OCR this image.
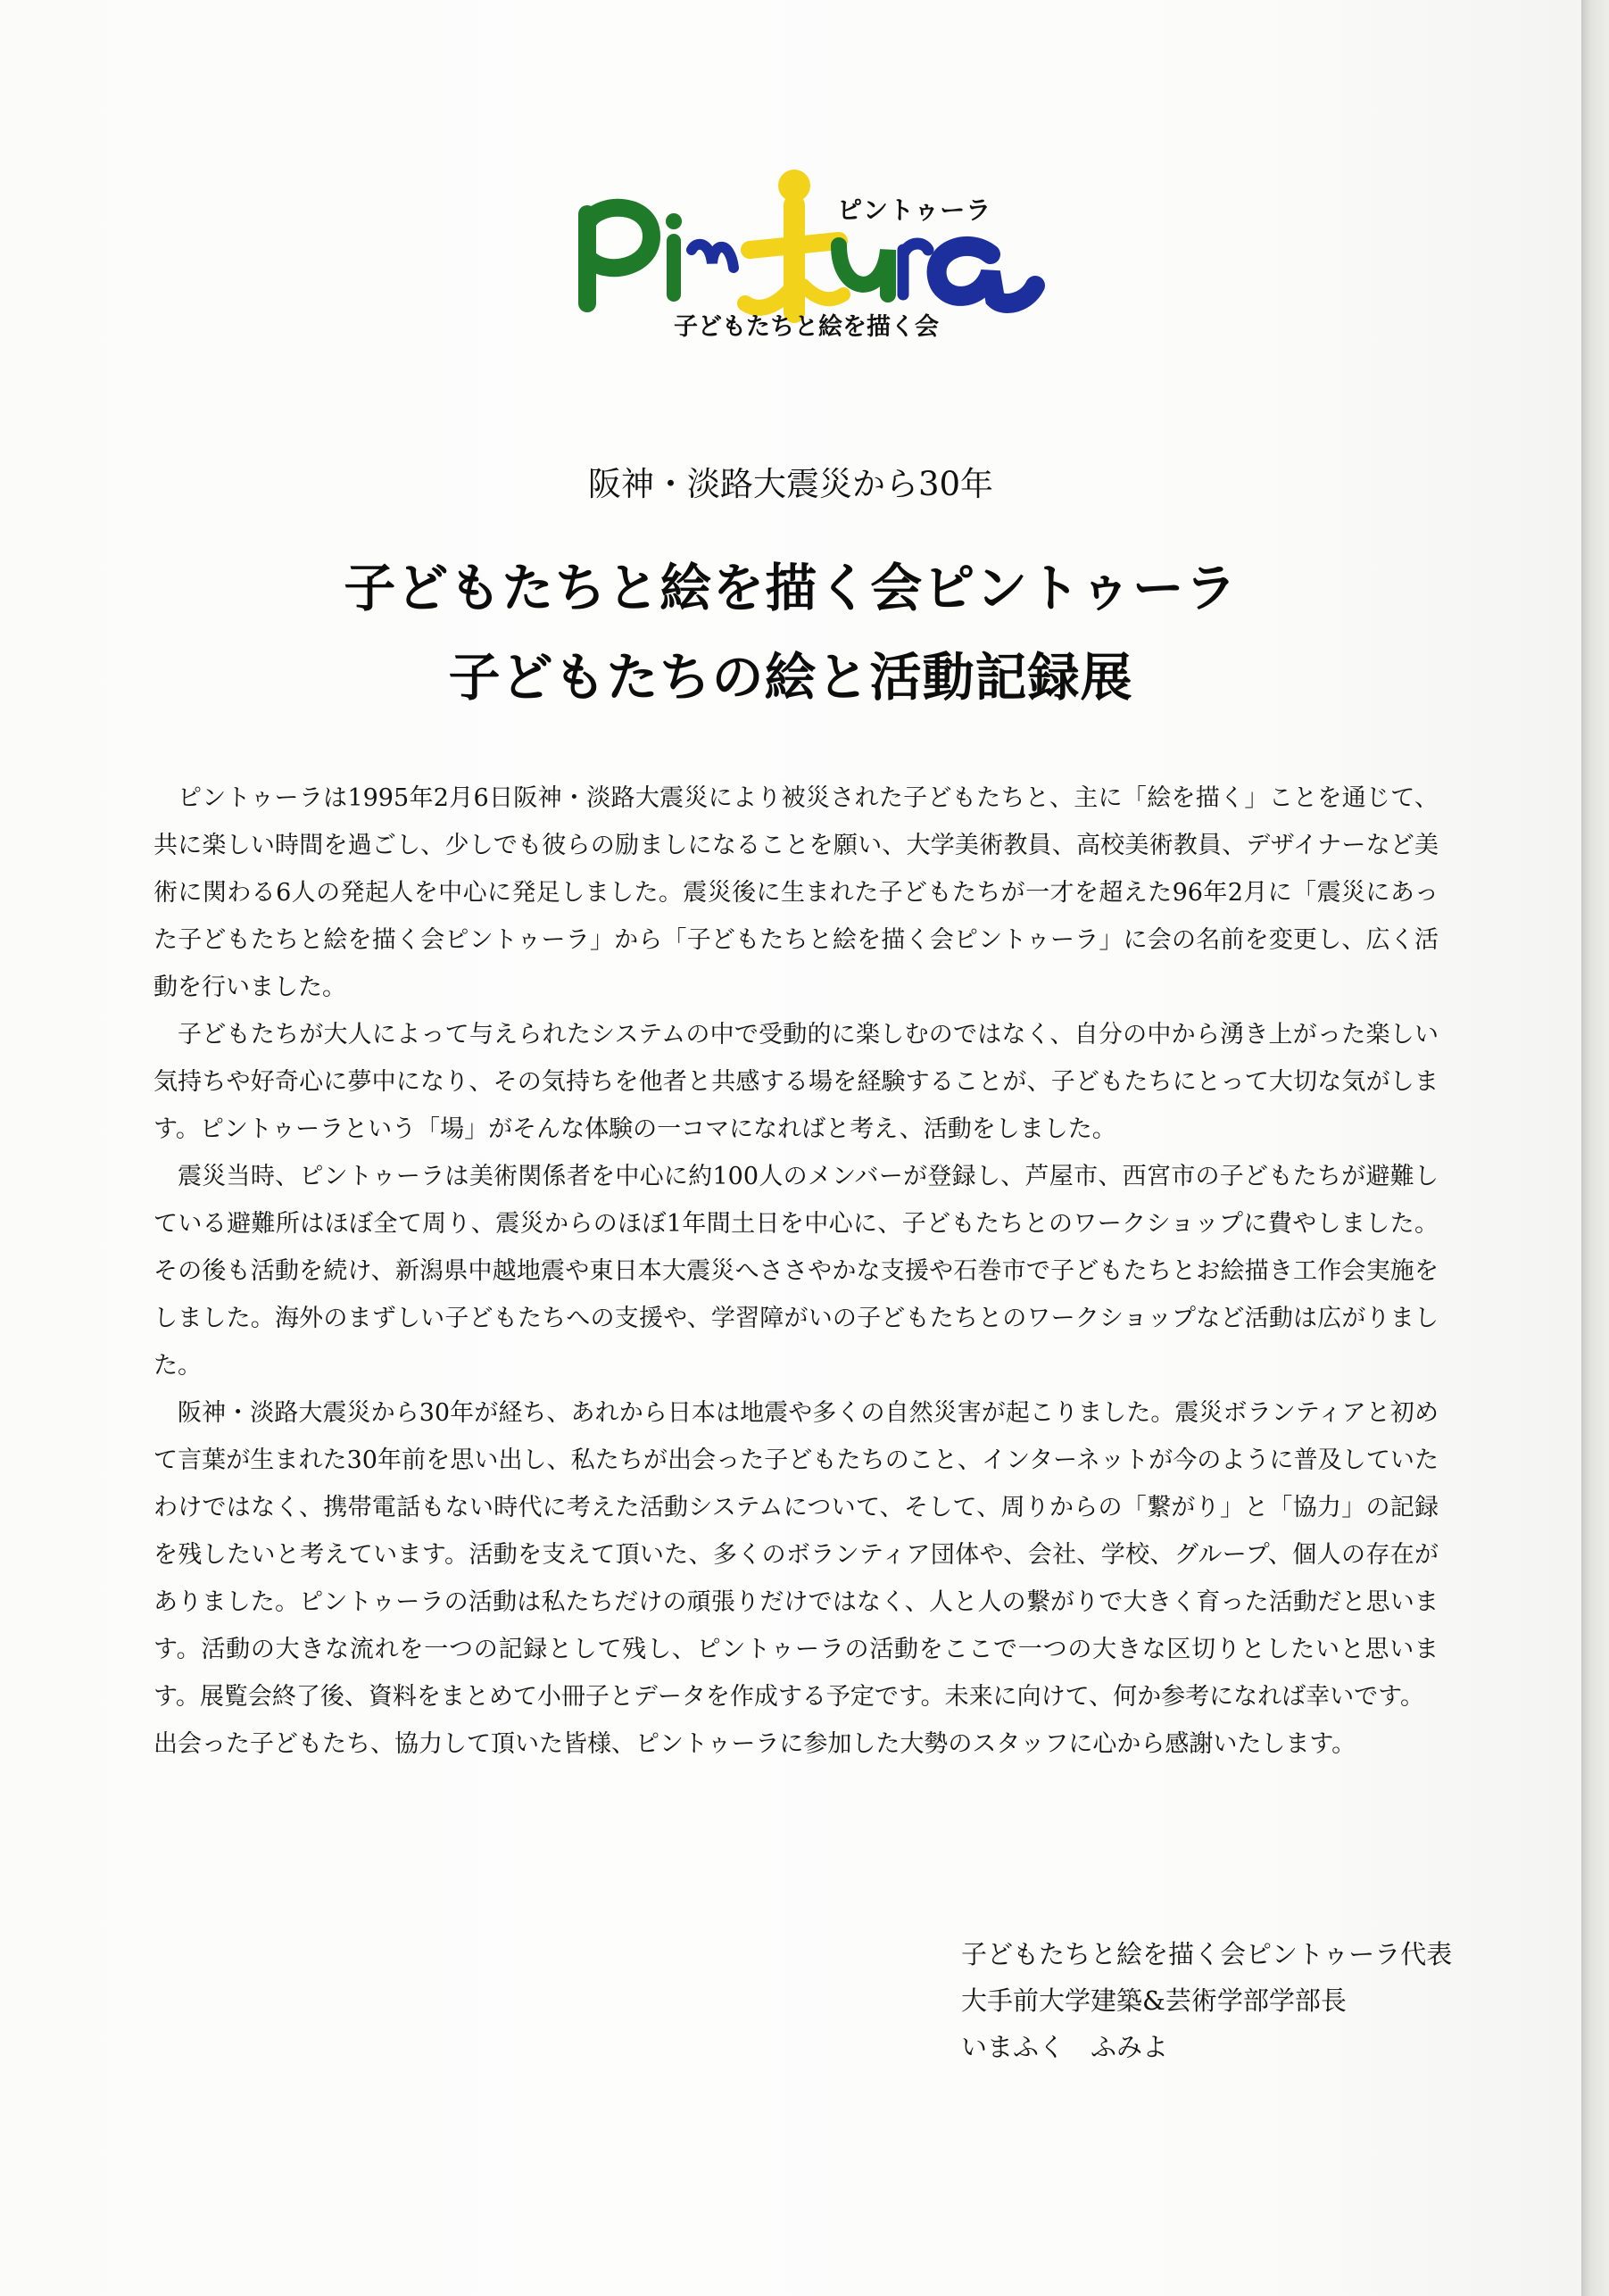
ピントゥーラ
子どもたちと絵を描く会
阪神・淡路大震災から30年
子どもたちと絵を描く会ピントゥーラ
子どもたちの絵と活動記録展

ピントゥーラは1995年2月6日阪神・淡路大震災により被災された子どもたちと、主に「絵を描く」ことを通じて、共に楽しい時間を過ごし、少しでも彼らの励ましになることを願い、大学美術教員、高校美術教員、デザイナーなど美術に関わる6人の発起人を中心に発足しました。震災後に生まれた子どもたちが一才を超えた96年2月に「震災にあった子どもたちと絵を描く会ピントゥーラ」から「子どもたちと絵を描く会ピントゥーラ」に会の名前を変更し、広く活動を行いました。

子どもたちが大人によって与えられたシステムの中で受動的に楽しむのではなく、自分の中から湧き上がった楽しい気持ちや好奇心に夢中になり、その気持ちを他者と共感する場を経験することが、子どもたちにとって大切な気がします。ピントゥーラという「場」がそんな体験の一コマになればと考え、活動をしました。

震災当時、ピントゥーラは美術関係者を中心に約100人のメンバーが登録し、芦屋市、西宮市の子どもたちが避難している避難所はほぼ全て周り、震災からのほぼ1年間土日を中心に、子どもたちとのワークショップに費やしました。その後も活動を続け、新潟県中越地震や東日本大震災へささやかな支援や石巻市で子どもたちとお絵描き工作会実施をしました。海外のまずしい子どもたちへの支援や、学習障がいの子どもたちとのワークショップなど活動は広がりました。

阪神・淡路大震災から30年が経ち、あれから日本は地震や多くの自然災害が起こりました。震災ボランティアと初めて言葉が生まれた30年前を思い出し、私たちが出会った子どもたちのこと、インターネットが今のように普及していたわけではなく、携帯電話もない時代に考えた活動システムについて、そして、周りからの「繋がり」と「協力」の記録を残したいと考えています。活動を支えて頂いた、多くのボランティア団体や、会社、学校、グループ、個人の存在がありました。ピントゥーラの活動は私たちだけの頑張りだけではなく、人と人の繋がりで大きく育った活動だと思います。活動の大きな流れを一つの記録として残し、ピントゥーラの活動をここで一つの大きな区切りとしたいと思います。展覧会終了後、資料をまとめて小冊子とデータを作成する予定です。未来に向けて、何か参考になれば幸いです。

出会った子どもたち、協力して頂いた皆様、ピントゥーラに参加した大勢のスタッフに心から感謝いたします。

子どもたちと絵を描く会ピントゥーラ代表
大手前大学建築&芸術学部学部長
いまふく　ふみよ
